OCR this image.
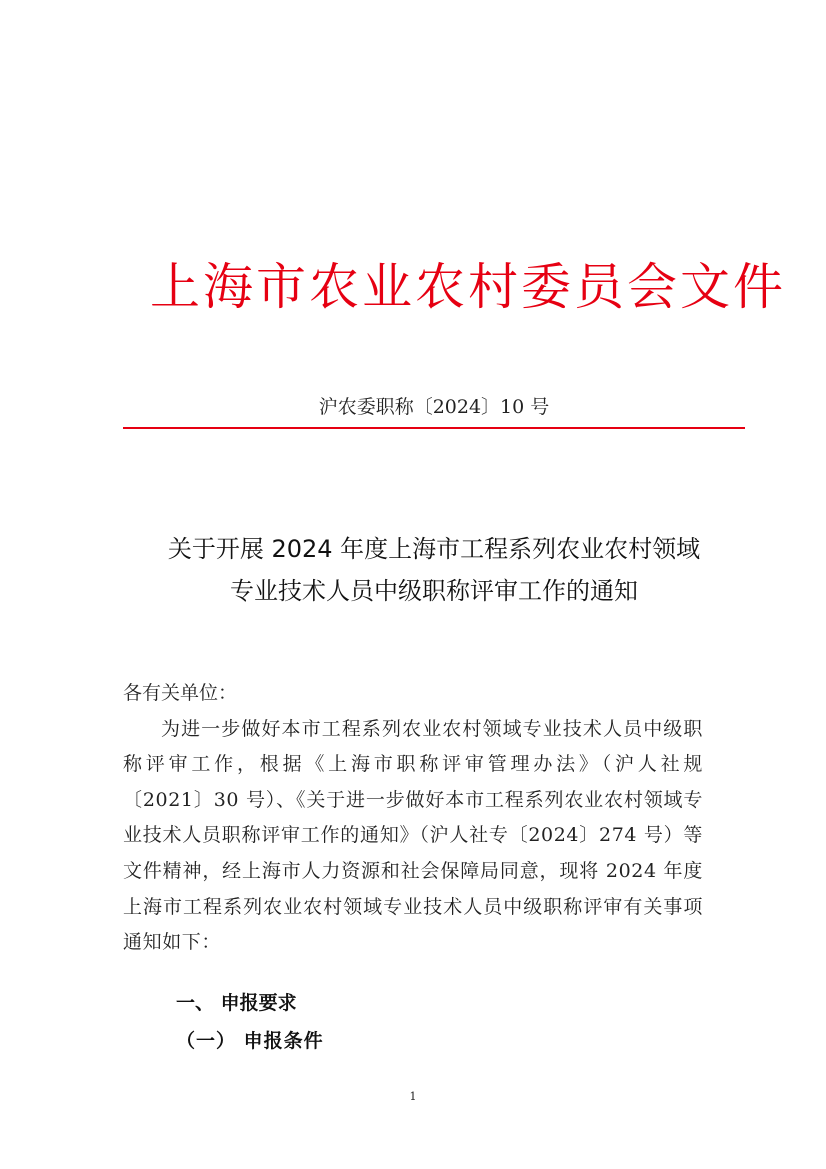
上海市农业农村委员会文件
沪农委职称〔2024〕10 号
关于开展 2024 年度上海市工程系列农业农村领域
专业技术人员中级职称评审工作的通知
各有关单位：
为进一步做好本市工程系列农业农村领域专业技术人员中级职称评审工作，根据《上海市职称评审管理办法》（沪人社规〔2021〕30 号）、《关于进一步做好本市工程系列农业农村领域专业技术人员职称评审工作的通知》（沪人社专〔2024〕274 号）等文件精神，经上海市人力资源和社会保障局同意，现将 2024 年度上海市工程系列农业农村领域专业技术人员中级职称评审有关事项通知如下：
一、 申报要求
（一） 申报条件
1
